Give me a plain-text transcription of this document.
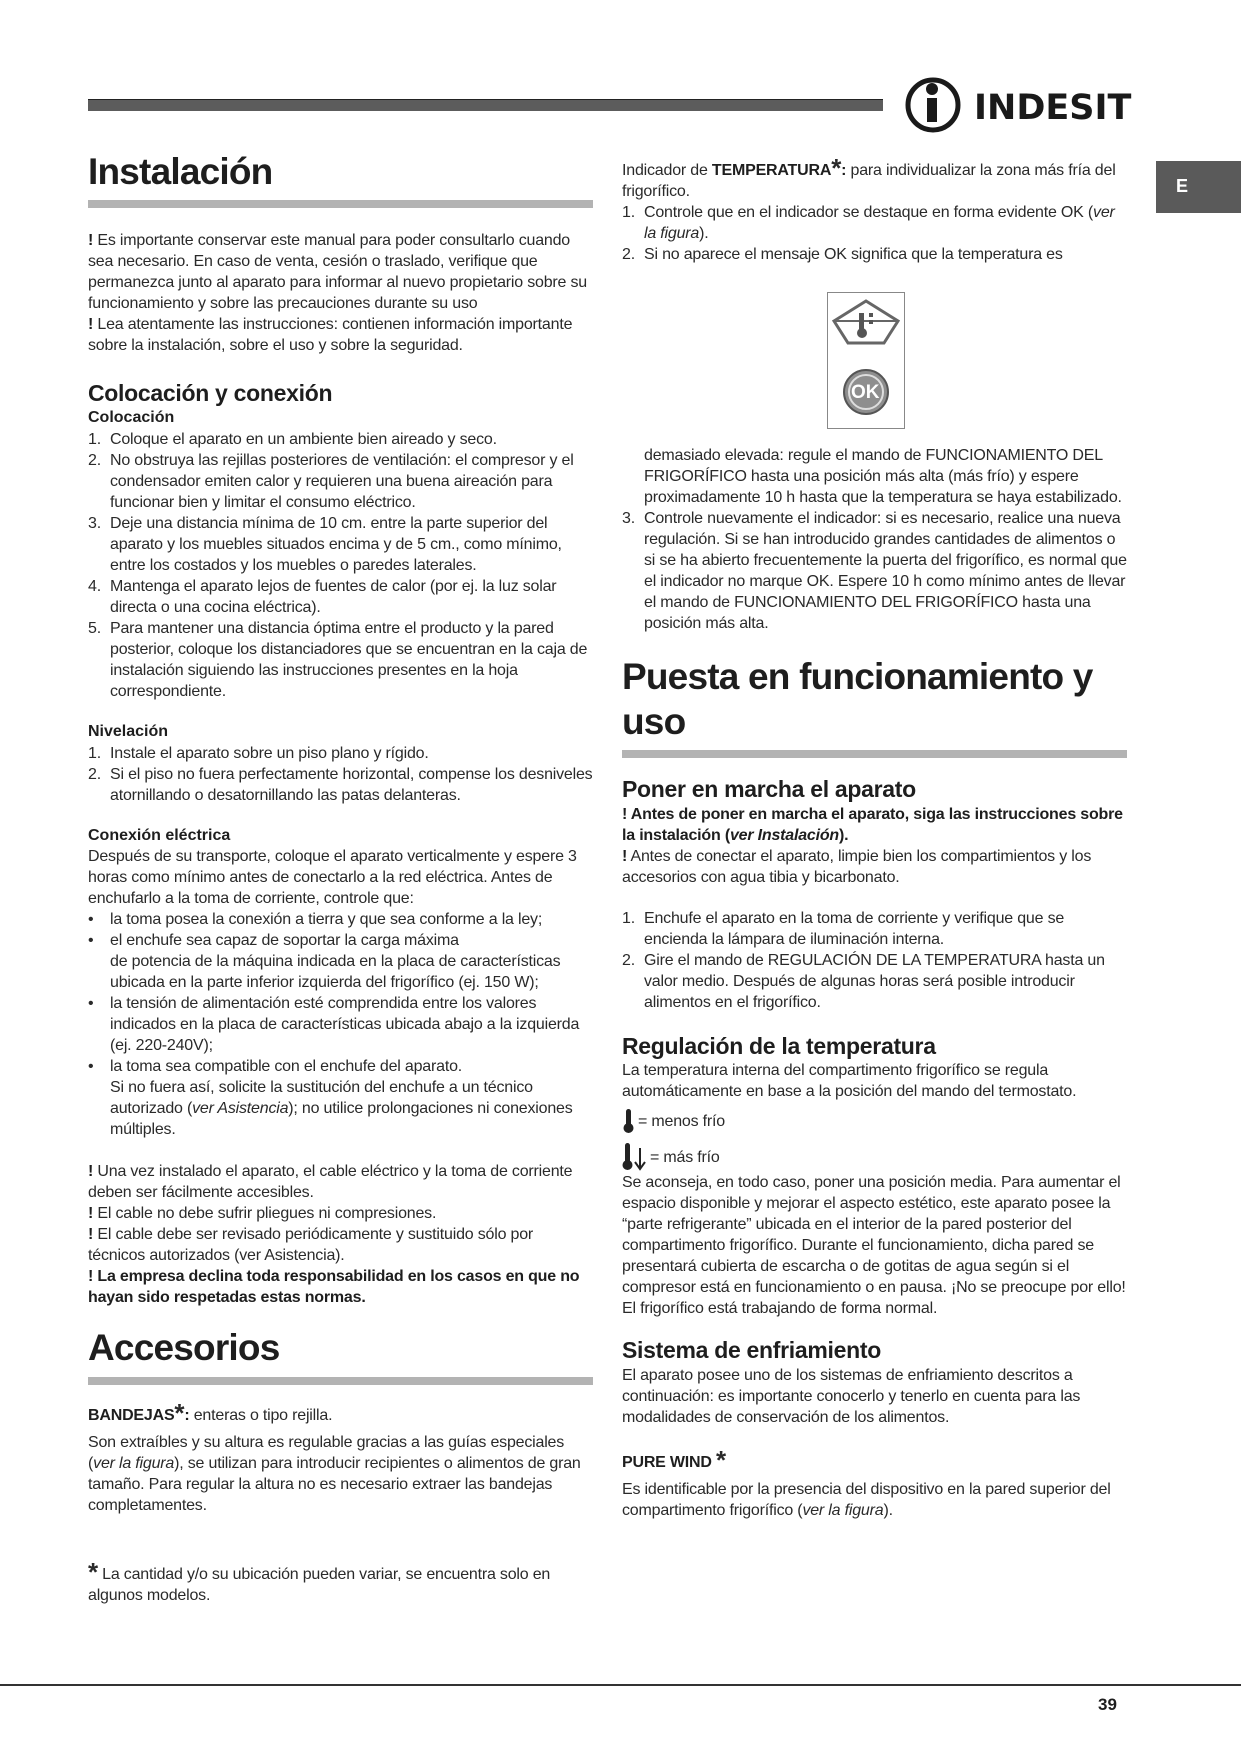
INDESIT
E
Instalación

! Es importante conservar este manual para poder consultarlo cuando sea necesario. En caso de venta, cesión o traslado, verifique que permanezca junto al aparato para informar al nuevo propietario sobre su funcionamiento y sobre las precauciones durante su uso

! Lea atentamente las instrucciones: contienen información importante sobre la instalación, sobre el uso y sobre la seguridad.

Colocación y conexión
Colocación
1. Coloque el aparato en un ambiente bien aireado y seco.
2. No obstruya las rejillas posteriores de ventilación: el compresor y el condensador emiten calor y requieren una buena aireación para funcionar bien y limitar el consumo eléctrico.
3. Deje una distancia mínima de 10 cm. entre la parte superior del aparato y los muebles situados encima y de 5 cm., como mínimo, entre los costados y los muebles o paredes laterales.
4. Mantenga el aparato lejos de fuentes de calor (por ej. la luz solar directa o una cocina eléctrica).
5. Para mantener una distancia óptima entre el producto y la pared posterior, coloque los distanciadores que se encuentran en la caja de instalación siguiendo las instrucciones presentes en la hoja correspondiente.
Nivelación
1. Instale el aparato sobre un piso plano y rígido.
2. Si el piso no fuera perfectamente horizontal, compense los desniveles atornillando o desatornillando las patas delanteras.
Conexión eléctrica

Después de su transporte, coloque el aparato verticalmente y espere 3 horas como mínimo antes de conectarlo a la red eléctrica. Antes de enchufarlo a la toma de corriente, controle que:

• la toma posea la conexión a tierra y que sea conforme a la ley;
• el enchufe sea capaz de soportar la carga máxima
de potencia de la máquina indicada en la placa de características ubicada en la parte inferior izquierda del frigorífico (ej. 150 W);
• la tensión de alimentación esté comprendida entre los valores indicados en la placa de características ubicada abajo a la izquierda (ej. 220-240V);
• la toma sea compatible con el enchufe del aparato.
Si no fuera así, solicite la sustitución del enchufe a un técnico autorizado (ver Asistencia); no utilice prolongaciones ni conexiones múltiples.

! Una vez instalado el aparato, el cable eléctrico y la toma de corriente deben ser fácilmente accesibles.

! El cable no debe sufrir pliegues ni compresiones.

! El cable debe ser revisado periódicamente y sustituido sólo por técnicos autorizados (ver Asistencia).

! La empresa declina toda responsabilidad en los casos en que no hayan sido respetadas estas normas.

Accesorios

BANDEJAS*: enteras o tipo rejilla.

Son extraíbles y su altura es regulable gracias a las guías especiales (ver la figura), se utilizan para introducir recipientes o alimentos de gran tamaño. Para regular la altura no es necesario extraer las bandejas completamentes.

* La cantidad y/o su ubicación pueden variar, se encuentra solo en algunos modelos.

Indicador de TEMPERATURA*: para individualizar la zona más fría del frigorífico.

1. Controle que en el indicador se destaque en forma evidente OK (ver la figura).
2. Si no aparece el mensaje OK significa que la temperatura es
demasiado elevada: regule el mando de FUNCIONAMIENTO DEL FRIGORÍFICO hasta una posición más alta (más frío) y espere proximadamente 10 h hasta que la temperatura se haya estabilizado.
3. Controle nuevamente el indicador: si es necesario, realice una nueva regulación. Si se han introducido grandes cantidades de alimentos o si se ha abierto frecuentemente la puerta del frigorífico, es normal que el indicador no marque OK. Espere 10 h como mínimo antes de llevar el mando de FUNCIONAMIENTO DEL FRIGORÍFICO hasta una posición más alta.
Puesta en funcionamiento y uso
Poner en marcha el aparato

! Antes de poner en marcha el aparato, siga las instrucciones sobre la instalación (ver Instalación).

! Antes de conectar el aparato, limpie bien los compartimientos y los accesorios con agua tibia y bicarbonato.

1. Enchufe el aparato en la toma de corriente y verifique que se encienda la lámpara de iluminación interna.
2. Gire el mando de REGULACIÓN DE LA TEMPERATURA hasta un valor medio. Después de algunas horas será posible introducir alimentos en el frigorífico.
Regulación de la temperatura

La temperatura interna del compartimento frigorífico se regula automáticamente en base a la posición del mando del termostato.

= menos frío
= más frío

Se aconseja, en todo caso, poner una posición media. Para aumentar el espacio disponible y mejorar el aspecto estético, este aparato posee la “parte refrigerante” ubicada en el interior de la pared posterior del compartimento frigorífico. Durante el funcionamiento, dicha pared se presentará cubierta de escarcha o de gotitas de agua según si el compresor está en funcionamiento o en pausa. ¡No se preocupe por ello! El frigorífico está trabajando de forma normal.

Sistema de enfriamiento

El aparato posee uno de los sistemas de enfriamiento descritos a continuación: es importante conocerlo y tenerlo en cuenta para las modalidades de conservación de los alimentos.

PURE WIND *

Es identificable por la presencia del dispositivo en la pared superior del compartimento frigorífico (ver la figura).

OK
39
